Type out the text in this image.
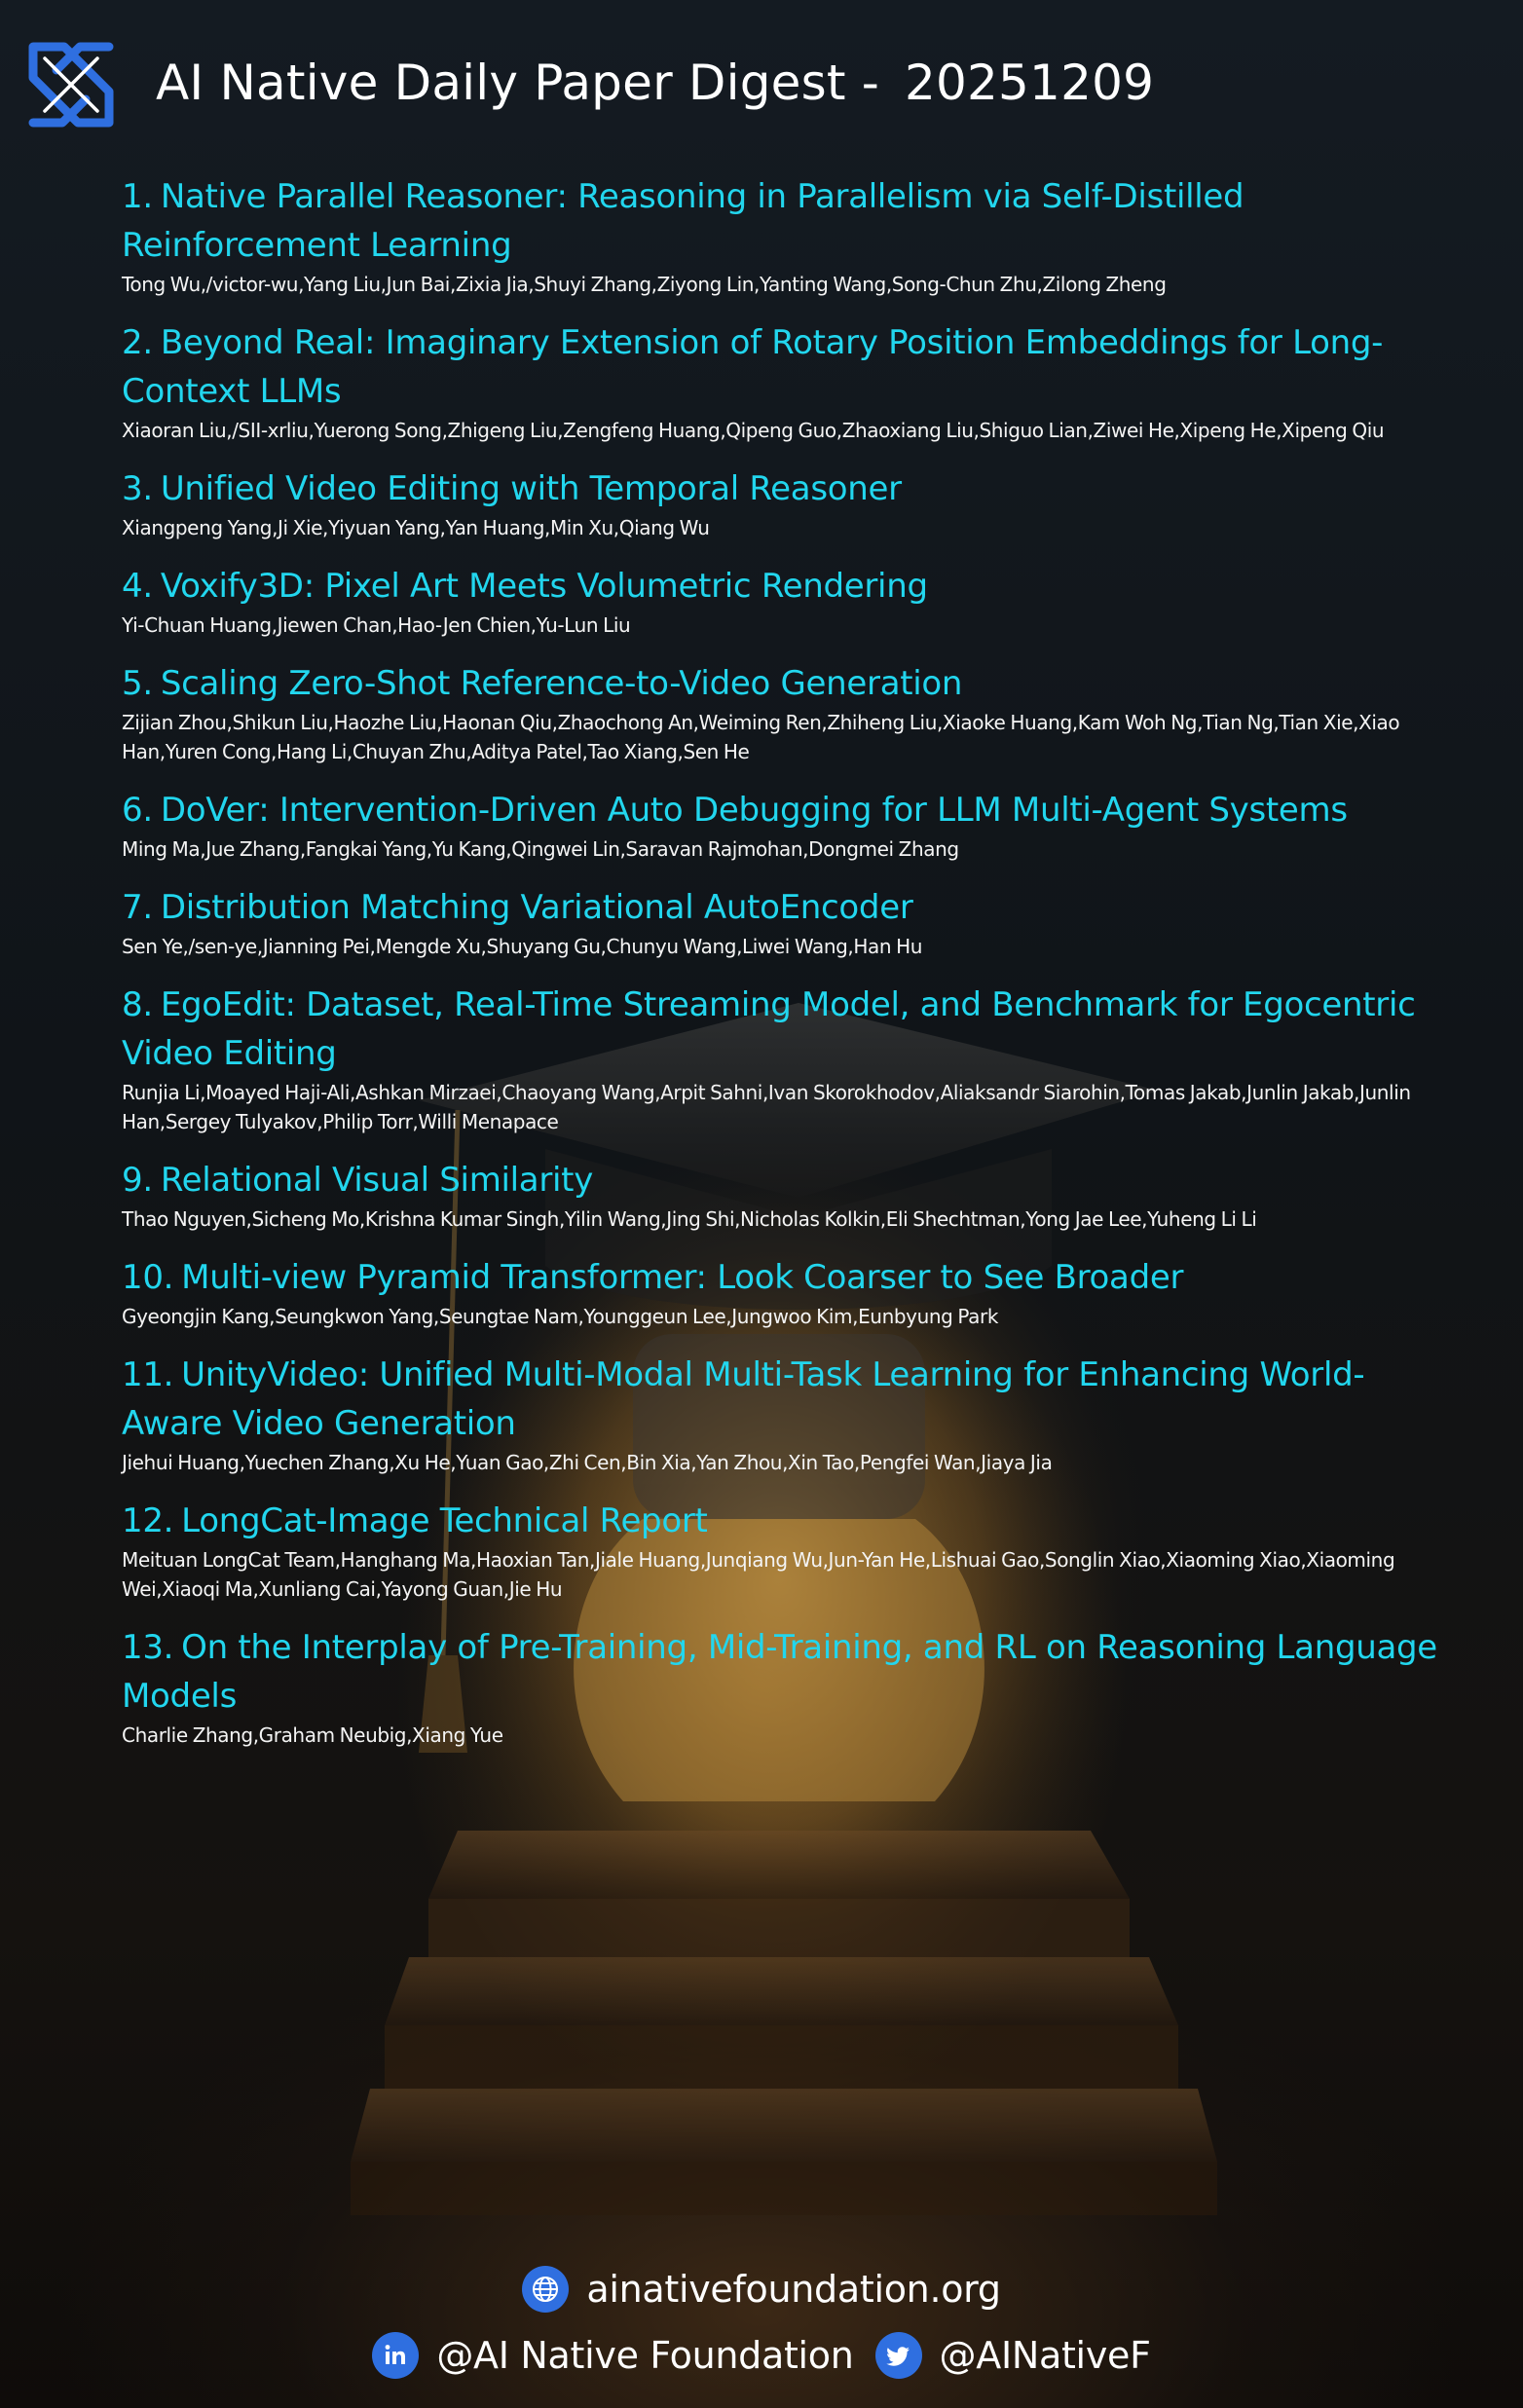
AI Native Daily Paper Digest - 20251209
1. Native Parallel Reasoner: Reasoning in Parallelism via Self-Distilled Reinforcement Learning
Tong Wu,/victor-wu,Yang Liu,Jun Bai,Zixia Jia,Shuyi Zhang,Ziyong Lin,Yanting Wang,Song-Chun Zhu,Zilong Zheng
2. Beyond Real: Imaginary Extension of Rotary Position Embeddings for Long-Context LLMs
Xiaoran Liu,/SII-xrliu,Yuerong Song,Zhigeng Liu,Zengfeng Huang,Qipeng Guo,Zhaoxiang Liu,Shiguo Lian,Ziwei He,Xipeng He,Xipeng Qiu
3. Unified Video Editing with Temporal Reasoner
Xiangpeng Yang,Ji Xie,Yiyuan Yang,Yan Huang,Min Xu,Qiang Wu
4. Voxify3D: Pixel Art Meets Volumetric Rendering
Yi-Chuan Huang,Jiewen Chan,Hao-Jen Chien,Yu-Lun Liu
5. Scaling Zero-Shot Reference-to-Video Generation
Zijian Zhou,Shikun Liu,Haozhe Liu,Haonan Qiu,Zhaochong An,Weiming Ren,Zhiheng Liu,Xiaoke Huang,Kam Woh Ng,Tian Ng,Tian Xie,Xiao Han,Yuren Cong,Hang Li,Chuyan Zhu,Aditya Patel,Tao Xiang,Sen He
6. DoVer: Intervention-Driven Auto Debugging for LLM Multi-Agent Systems
Ming Ma,Jue Zhang,Fangkai Yang,Yu Kang,Qingwei Lin,Saravan Rajmohan,Dongmei Zhang
7. Distribution Matching Variational AutoEncoder
Sen Ye,/sen-ye,Jianning Pei,Mengde Xu,Shuyang Gu,Chunyu Wang,Liwei Wang,Han Hu
8. EgoEdit: Dataset, Real-Time Streaming Model, and Benchmark for Egocentric Video Editing
Runjia Li,Moayed Haji-Ali,Ashkan Mirzaei,Chaoyang Wang,Arpit Sahni,Ivan Skorokhodov,Aliaksandr Siarohin,Tomas Jakab,Junlin Jakab,Junlin Han,Sergey Tulyakov,Philip Torr,Willi Menapace
9. Relational Visual Similarity
Thao Nguyen,Sicheng Mo,Krishna Kumar Singh,Yilin Wang,Jing Shi,Nicholas Kolkin,Eli Shechtman,Yong Jae Lee,Yuheng Li Li
10. Multi-view Pyramid Transformer: Look Coarser to See Broader
Gyeongjin Kang,Seungkwon Yang,Seungtae Nam,Younggeun Lee,Jungwoo Kim,Eunbyung Park
11. UnityVideo: Unified Multi-Modal Multi-Task Learning for Enhancing World-Aware Video Generation
Jiehui Huang,Yuechen Zhang,Xu He,Yuan Gao,Zhi Cen,Bin Xia,Yan Zhou,Xin Tao,Pengfei Wan,Jiaya Jia
12. LongCat-Image Technical Report
Meituan LongCat Team,Hanghang Ma,Haoxian Tan,Jiale Huang,Junqiang Wu,Jun-Yan He,Lishuai Gao,Songlin Xiao,Xiaoming Xiao,Xiaoming Wei,Xiaoqi Ma,Xunliang Cai,Yayong Guan,Jie Hu
13. On the Interplay of Pre-Training, Mid-Training, and RL on Reasoning Language Models
Charlie Zhang,Graham Neubig,Xiang Yue
ainativefoundation.org
@AI Native Foundation @AINativeF
